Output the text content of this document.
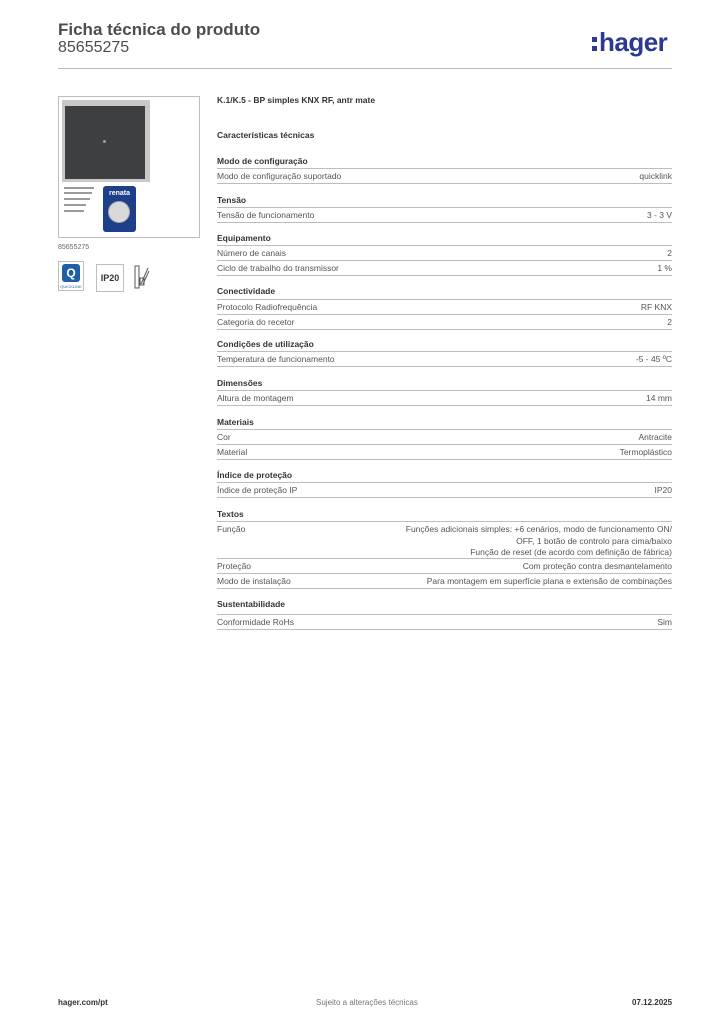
Ficha técnica do produto
85655275	hager
renata
85655275
Q
QUICKLINK
IP20
K.1/K.5 - BP simples KNX RF, antr mate
Características técnicas
Modo de configuração
Modo de configuração suportado	quicklink
Tensão
Tensão de funcionamento	3 - 3 V
Equipamento
Número de canais	2
Ciclo de trabalho do transmissor	1 %
Conectividade
Protocolo Radiofrequência	RF KNX
Categoria do recetor	2
Condições de utilização
Temperatura de funcionamento	-5 - 45 ºC
Dimensões
Altura de montagem	14 mm
Materiais
Cor	Antracite
Material	Termoplástico
Índice de proteção
Índice de proteção IP	IP20
Textos
Função	Funções adicionais simples: +6 cenários, modo de funcionamento ON/
OFF, 1 botão de controlo para cima/baixo
Função de reset (de acordo com definição de fábrica)
Proteção	Com proteção contra desmantelamento
Modo de instalação	Para montagem em superfície plana e extensão de combinações
Sustentabilidade
Conformidade RoHs	Sim
hager.com/pt	Sujeito a alterações técnicas	07.12.2025
